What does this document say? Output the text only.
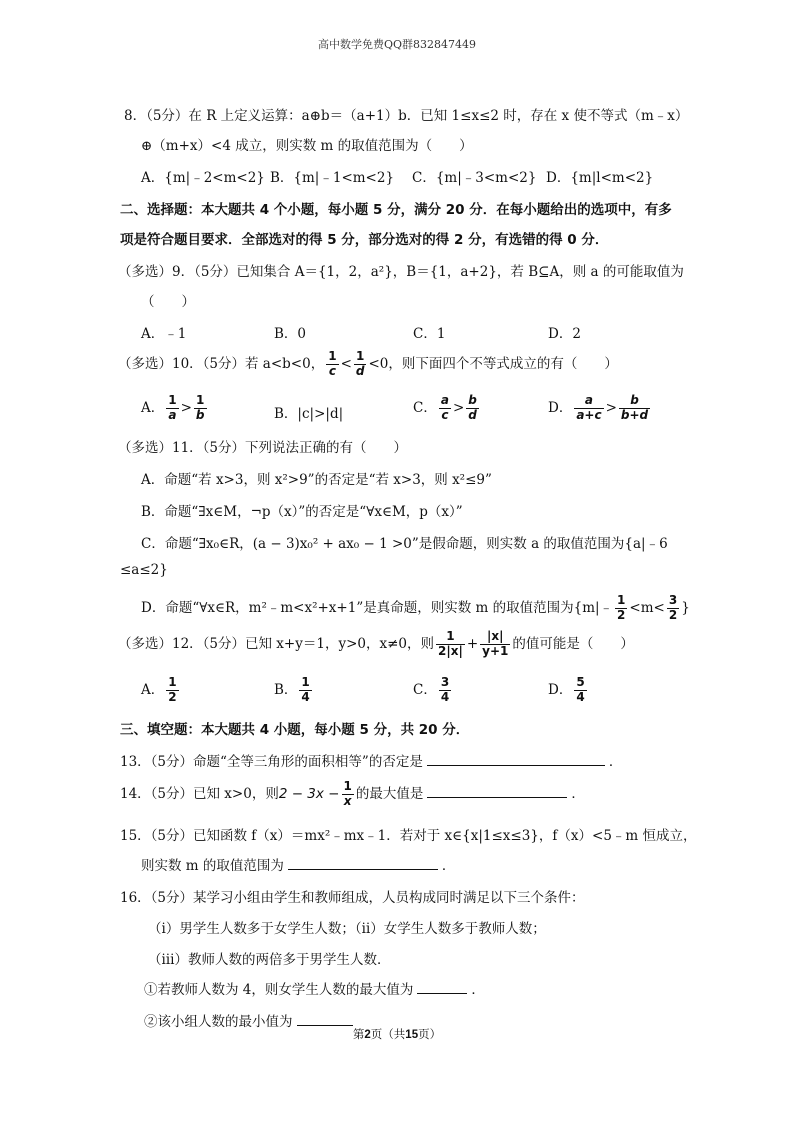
高中数学免费QQ群832847449
8．（5分）在 R 上定义运算：a⊕b＝（a+1）b．已知 1≤x≤2 时，存在 x 使不等式（m﹣x）
⊕（m+x）<4 成立，则实数 m 的取值范围为（　　）
A．{m|﹣2<m<2} B．{m|﹣1<m<2} C．{m|﹣3<m<2} D．{m|l<m<2}
二、选择题：本大题共 4 个小题，每小题 5 分，满分 20 分．在每小题给出的选项中，有多
项是符合题目要求．全部选对的得 5 分，部分选对的得 2 分，有选错的得 0 分．
（多选）9．（5分）已知集合 A＝{1，2，a²}，B＝{1，a+2}，若 B⊆A，则 a 的可能取值为
（　　）
A．﹣1	B．0	C．1	D．2
（多选）10．（5分）若 a<b<0， $\frac{1}{c} < \frac{1}{d} <0$，则下面四个不等式成立的有（　　）
A． $\frac{1}{a} > \frac{1}{b}$	B．|c|>|d|	C． $\frac{a}{c} > \frac{b}{d}$	D． $\frac{a}{a+c} > \frac{b}{b+d}$
（多选）11．（5分）下列说法正确的有（　　）
A．命题“若 x>3，则 x²>9”的否定是“若 x>3，则 x²≤9”
B．命题“∃x∈M，¬p（x）”的否定是“∀x∈M，p（x）”
C．命题“∃x₀∈R，(a − 3)x₀² + ax₀ − 1 >0”是假命题，则实数 a 的取值范围为{a|﹣6
≤a≤2}
D．命题“∀x∈R，m²﹣m<x²+x+1”是真命题，则实数 m 的取值范围为{m|﹣ $\frac{1}{2} <m< \frac{3}{2}$ }
（多选）12．（5分）已知 x+y＝1，y>0，x≠0，则 $\frac{1}{2|x|} + \frac{|x|}{y+1}$ 的值可能是（　　）
A． $\frac{1}{2}$	B． $\frac{1}{4}$	C． $\frac{3}{4}$	D． $\frac{5}{4}$
三、填空题：本大题共 4 小题，每小题 5 分，共 20 分．
13．（5分）命题“全等三角形的面积相等”的否定是	．
14．（5分）已知 x>0，则$2 - 3x - \frac{1}{x}$ 的最大值是	．
15．（5分）已知函数 f（x）＝mx²﹣mx﹣1．若对于 x∈{x|1≤x≤3}，f（x）<5﹣m 恒成立，
则实数 m 的取值范围为	．
16．（5分）某学习小组由学生和教师组成，人员构成同时满足以下三个条件：
（ⅰ）男学生人数多于女学生人数；（ⅱ）女学生人数多于教师人数；
（ⅲ）教师人数的两倍多于男学生人数．
①若教师人数为 4，则女学生人数的最大值为	．
②该小组人数的最小值为
第2页（共15页）
